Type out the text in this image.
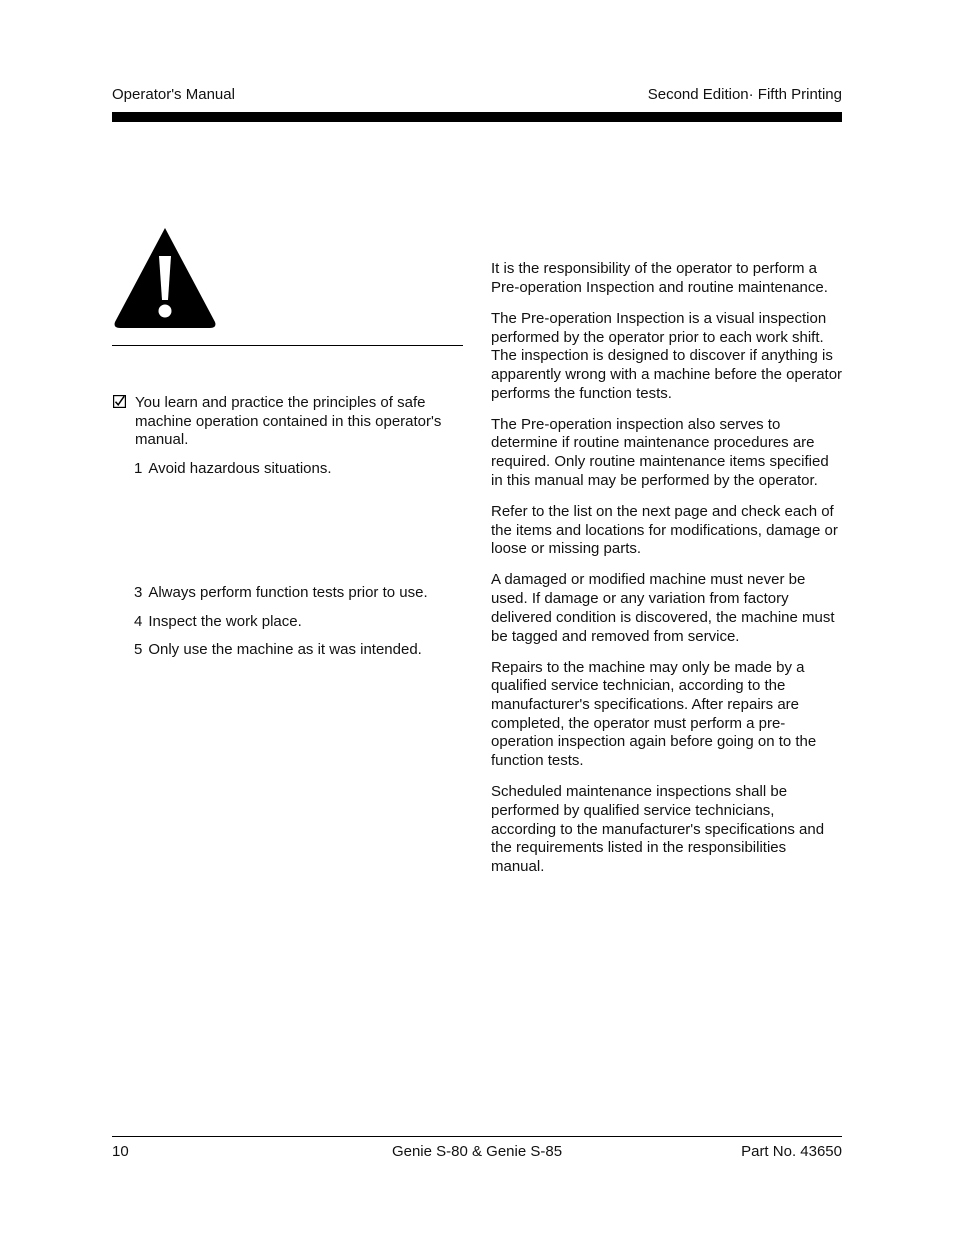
Operator's Manual	Second Edition· Fifth Printing
You learn and practice the principles of safe machine operation contained in this operator's manual.
1 Avoid hazardous situations.
3 Always perform function tests prior to use.
4 Inspect the work place.
5 Only use the machine as it was intended.

It is the responsibility of the operator to perform a Pre-operation Inspection and routine maintenance.

The Pre-operation Inspection is a visual inspection performed by the operator prior to each work shift. The inspection is designed to discover if anything is apparently wrong with a machine before the operator performs the function tests.

The Pre-operation inspection also serves to determine if routine maintenance procedures are required. Only routine maintenance items specified in this manual may be performed by the operator.

Refer to the list on the next page and check each of the items and locations for modifications, damage or loose or missing parts.

A damaged or modified machine must never be used. If damage or any variation from factory delivered condition is discovered, the machine must be tagged and removed from service.

Repairs to the machine may only be made by a qualified service technician, according to the manufacturer's specifications. After repairs are completed, the operator must perform a pre-operation inspection again before going on to the function tests.

Scheduled maintenance inspections shall be performed by qualified service technicians, according to the manufacturer's specifications and the requirements listed in the responsibilities manual.

10	Genie S-80 & Genie S-85	Part No. 43650
